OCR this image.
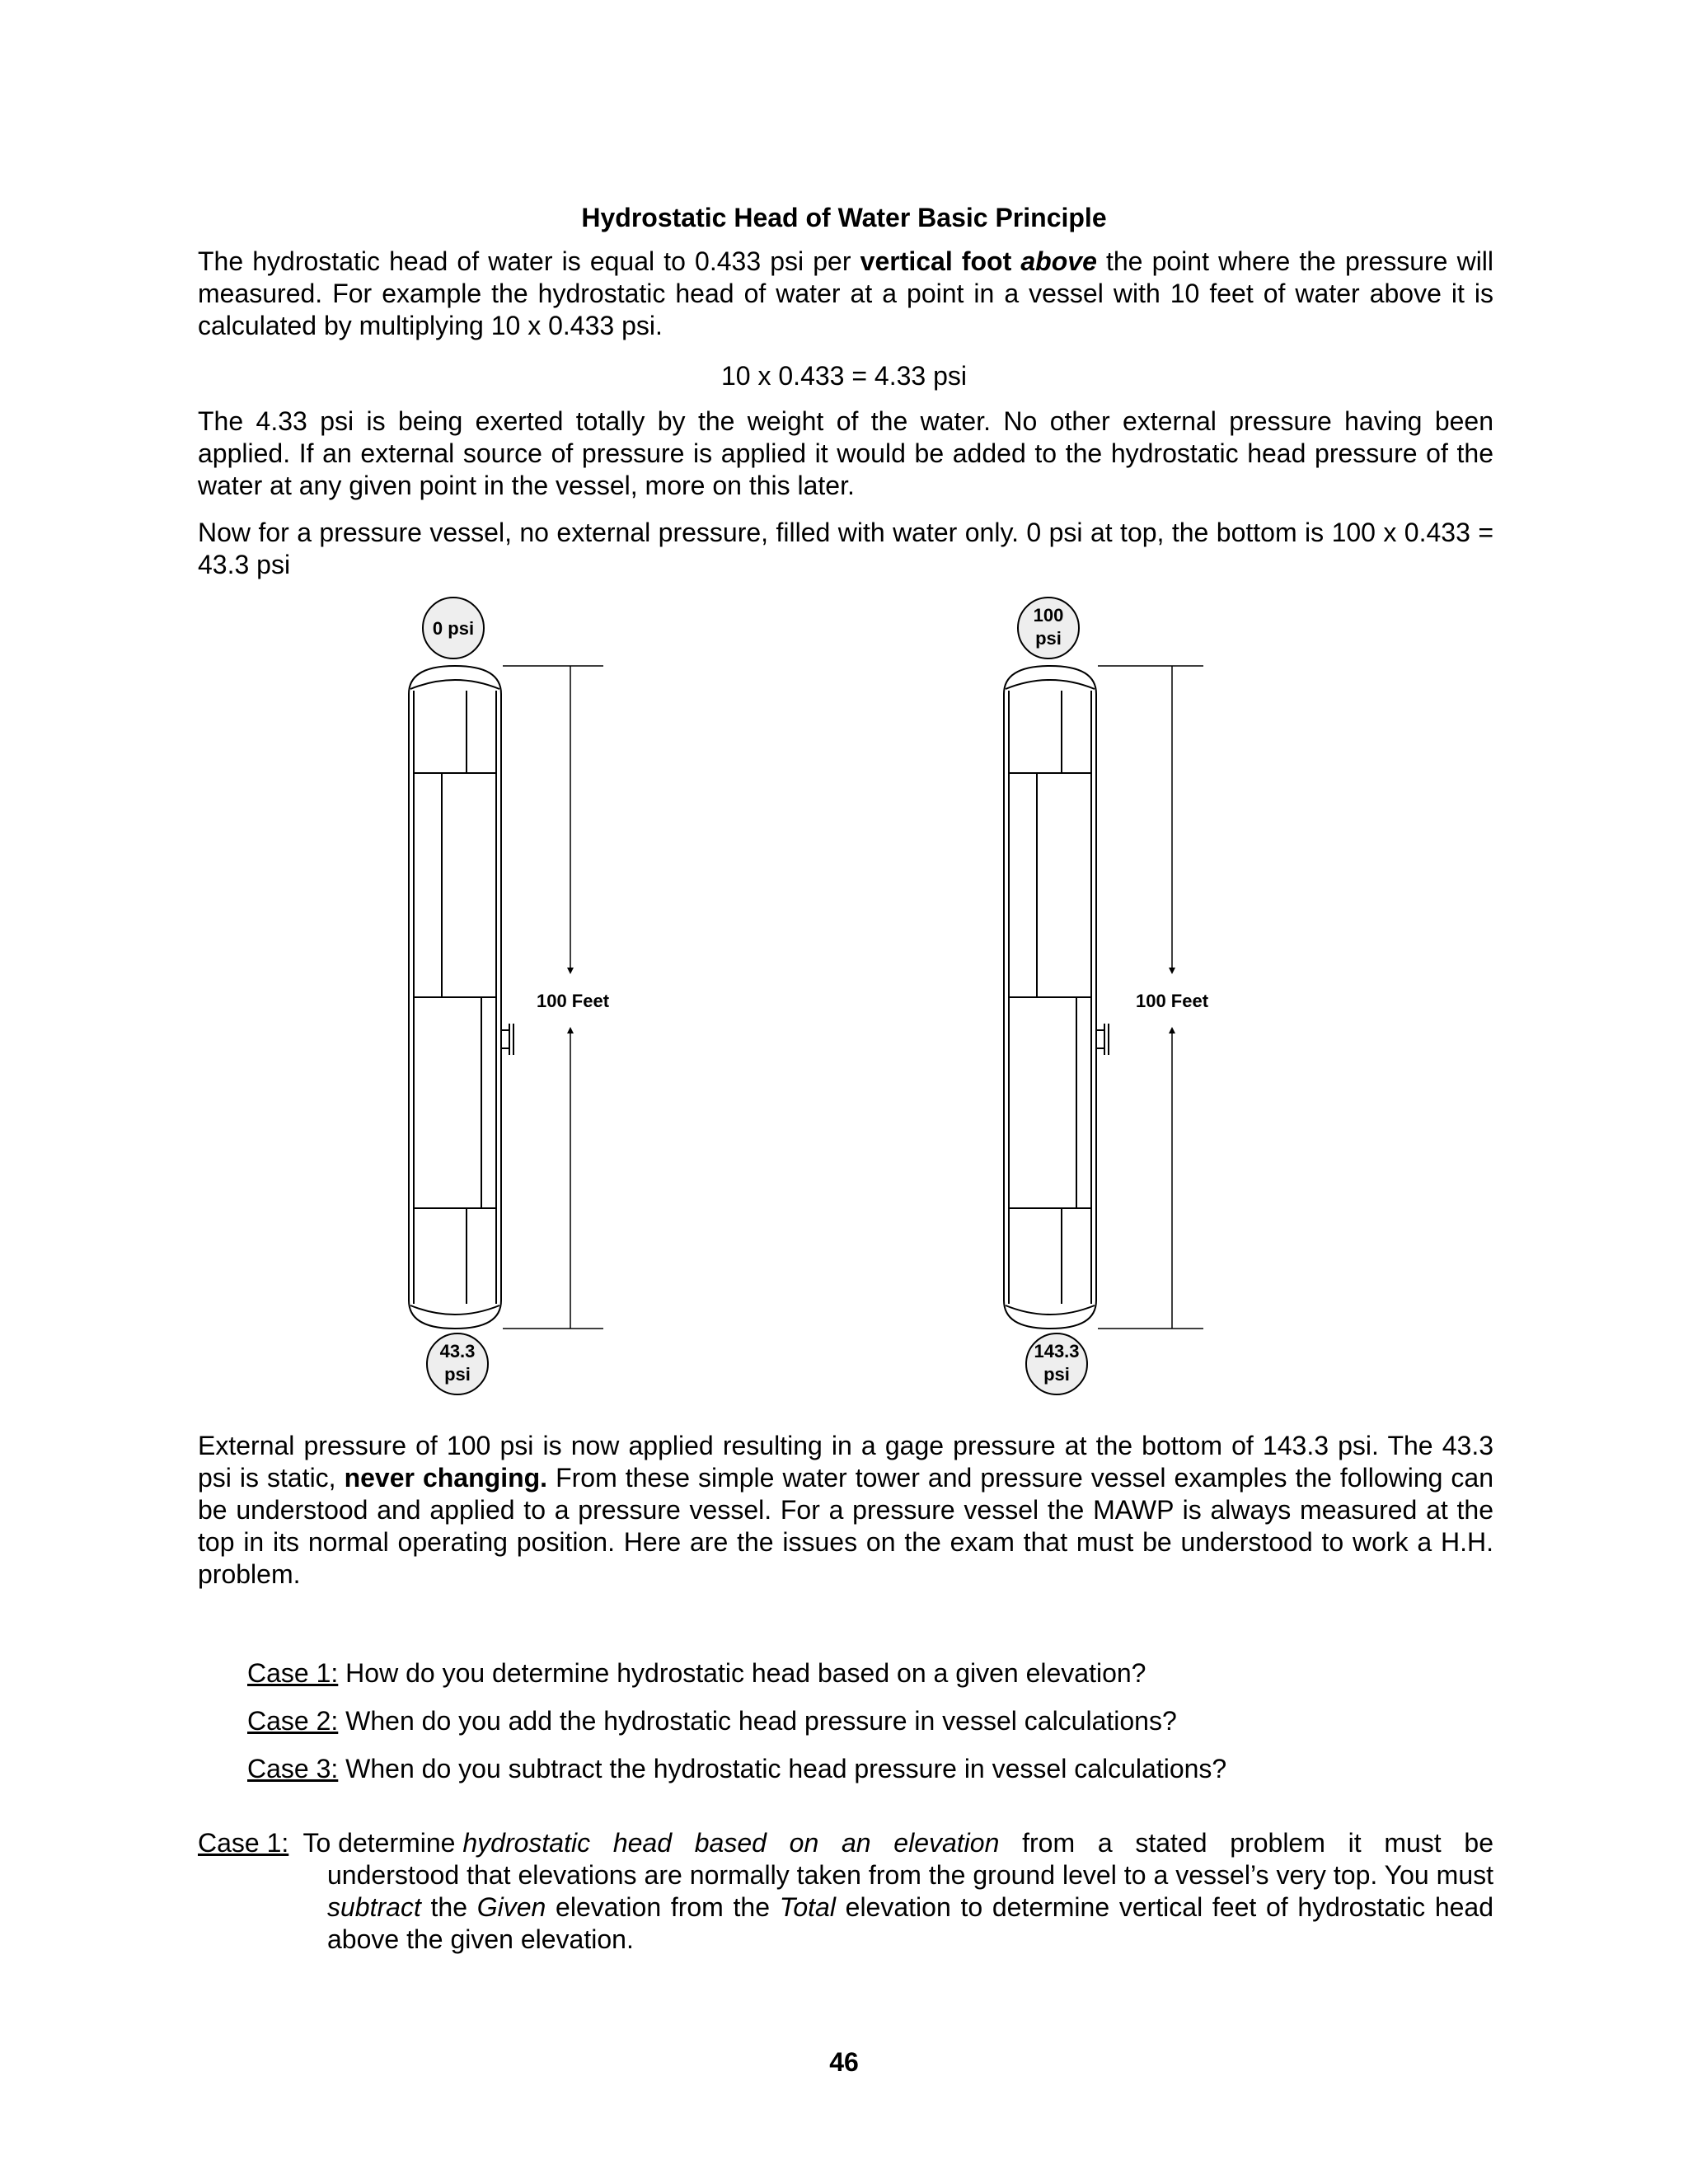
Hydrostatic Head of Water Basic Principle

The hydrostatic head of water is equal to 0.433 psi per vertical foot above the point where the pressure will measured. For example the hydrostatic head of water at a point in a vessel with 10 feet of water above it is calculated by multiplying 10 x 0.433 psi.

10 x 0.433 = 4.33 psi

The 4.33 psi is being exerted totally by the weight of the water. No other external pressure having been applied. If an external source of pressure is applied it would be added to the hydrostatic head pressure of the water at any given point in the vessel, more on this later.

Now for a pressure vessel, no external pressure, filled with water only. 0 psi at top, the bottom is 100 x 0.433 = 43.3 psi

100 Feet
0 psi
43.3
psi
100 Feet
100
psi
143.3
psi

External pressure of 100 psi is now applied resulting in a gage pressure at the bottom of 143.3 psi. The 43.3 psi is static, never changing. From these simple water tower and pressure vessel examples the following can be understood and applied to a pressure vessel. For a pressure vessel the MAWP is always measured at the top in its normal operating position. Here are the issues on the exam that must be understood to work a H.H. problem.

Case 1: How do you determine hydrostatic head based on a given elevation?
Case 2: When do you add the hydrostatic head pressure in vessel calculations?
Case 3: When do you subtract the hydrostatic head pressure in vessel calculations?
Case 1: To determine hydrostatic head based on an elevation from a stated problem it must be
understood that elevations are normally taken from the ground level to a vessel’s very top. You must subtract the Given elevation from the Total elevation to determine vertical feet of hydrostatic head above the given elevation.
46
